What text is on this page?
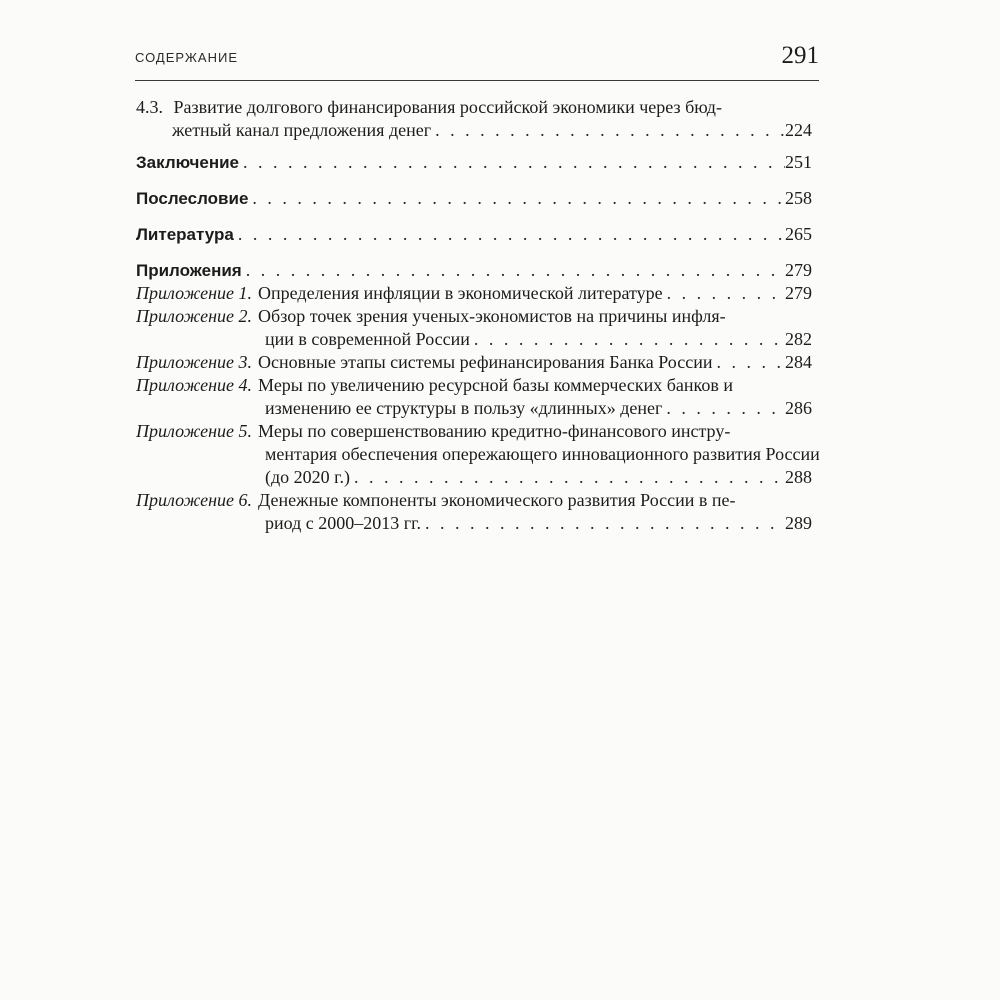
СОДЕРЖАНИЕ	291
4.3. Развитие долгового финансирования российской экономики через бюд-
жетный канал предложения денег . . .	224
Заключение . . .	251
Послесловие . . .	258
Литература . . .	265
Приложения . . .	279
Приложение 1. Определения инфляции в экономической литературе . . .	279
Приложение 2. Обзор точек зрения ученых-экономистов на причины инфля-
ции в современной России . . .	282
Приложение 3. Основные этапы системы рефинансирования Банка России . . .	284
Приложение 4. Меры по увеличению ресурсной базы коммерческих банков и
изменению ее структуры в пользу «длинных» денег . . .	286
Приложение 5. Меры по совершенствованию кредитно-финансового инстру-
ментария обеспечения опережающего инновационного развития России
(до 2020 г.) . . .	288
Приложение 6. Денежные компоненты экономического развития России в пе-
риод с 2000–2013 гг. . . .	289
